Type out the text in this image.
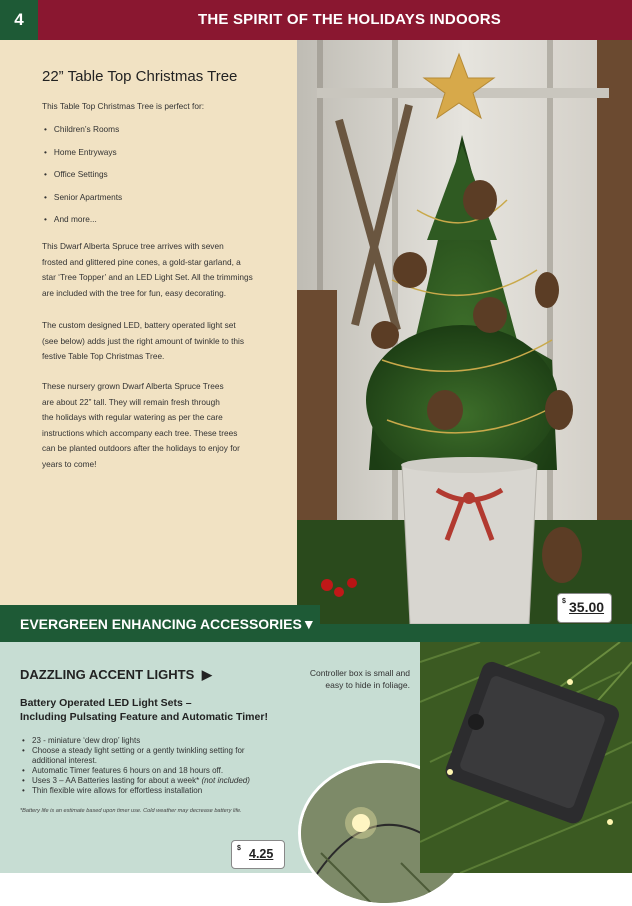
4	THE SPIRIT OF THE HOLIDAYS INDOORS
22” Table Top Christmas Tree
This Table Top Christmas Tree is perfect for:
• Children’s Rooms
• Home Entryways
• Office Settings
• Senior Apartments
• And more...
This Dwarf Alberta Spruce tree arrives with seven
frosted and glittered pine cones, a gold-star garland, a
star ‘Tree Topper’ and an LED Light Set. All the trimmings
are included with the tree for fun, easy decorating.
The custom designed LED, battery operated light set
(see below) adds just the right amount of twinkle to this
festive Table Top Christmas Tree.
These nursery grown Dwarf Alberta Spruce Trees
are about 22” tall. They will remain fresh through
the holidays with regular watering as per the care
instructions which accompany each tree. These trees
can be planted outdoors after the holidays to enjoy for
years to come!
$ 35.00
EVERGREEN ENHANCING ACCESSORIES▼
DAZZLING ACCENT LIGHTS ▶	Controller box is small and
easy to hide in foliage.
Battery Operated LED Light Sets –
Including Pulsating Feature and Automatic Timer!
• 23 - miniature ‘dew drop’ lights
• Choose a steady light setting or a gently twinkling setting for additional interest.
• Automatic Timer features 6 hours on and 18 hours off.
• Uses 3 – AA Batteries lasting for about a week* (not included)
• Thin flexible wire allows for effortless installation
*Battery life is an estimate based upon timer use. Cold weather may decrease battery life.
$ 4.25
